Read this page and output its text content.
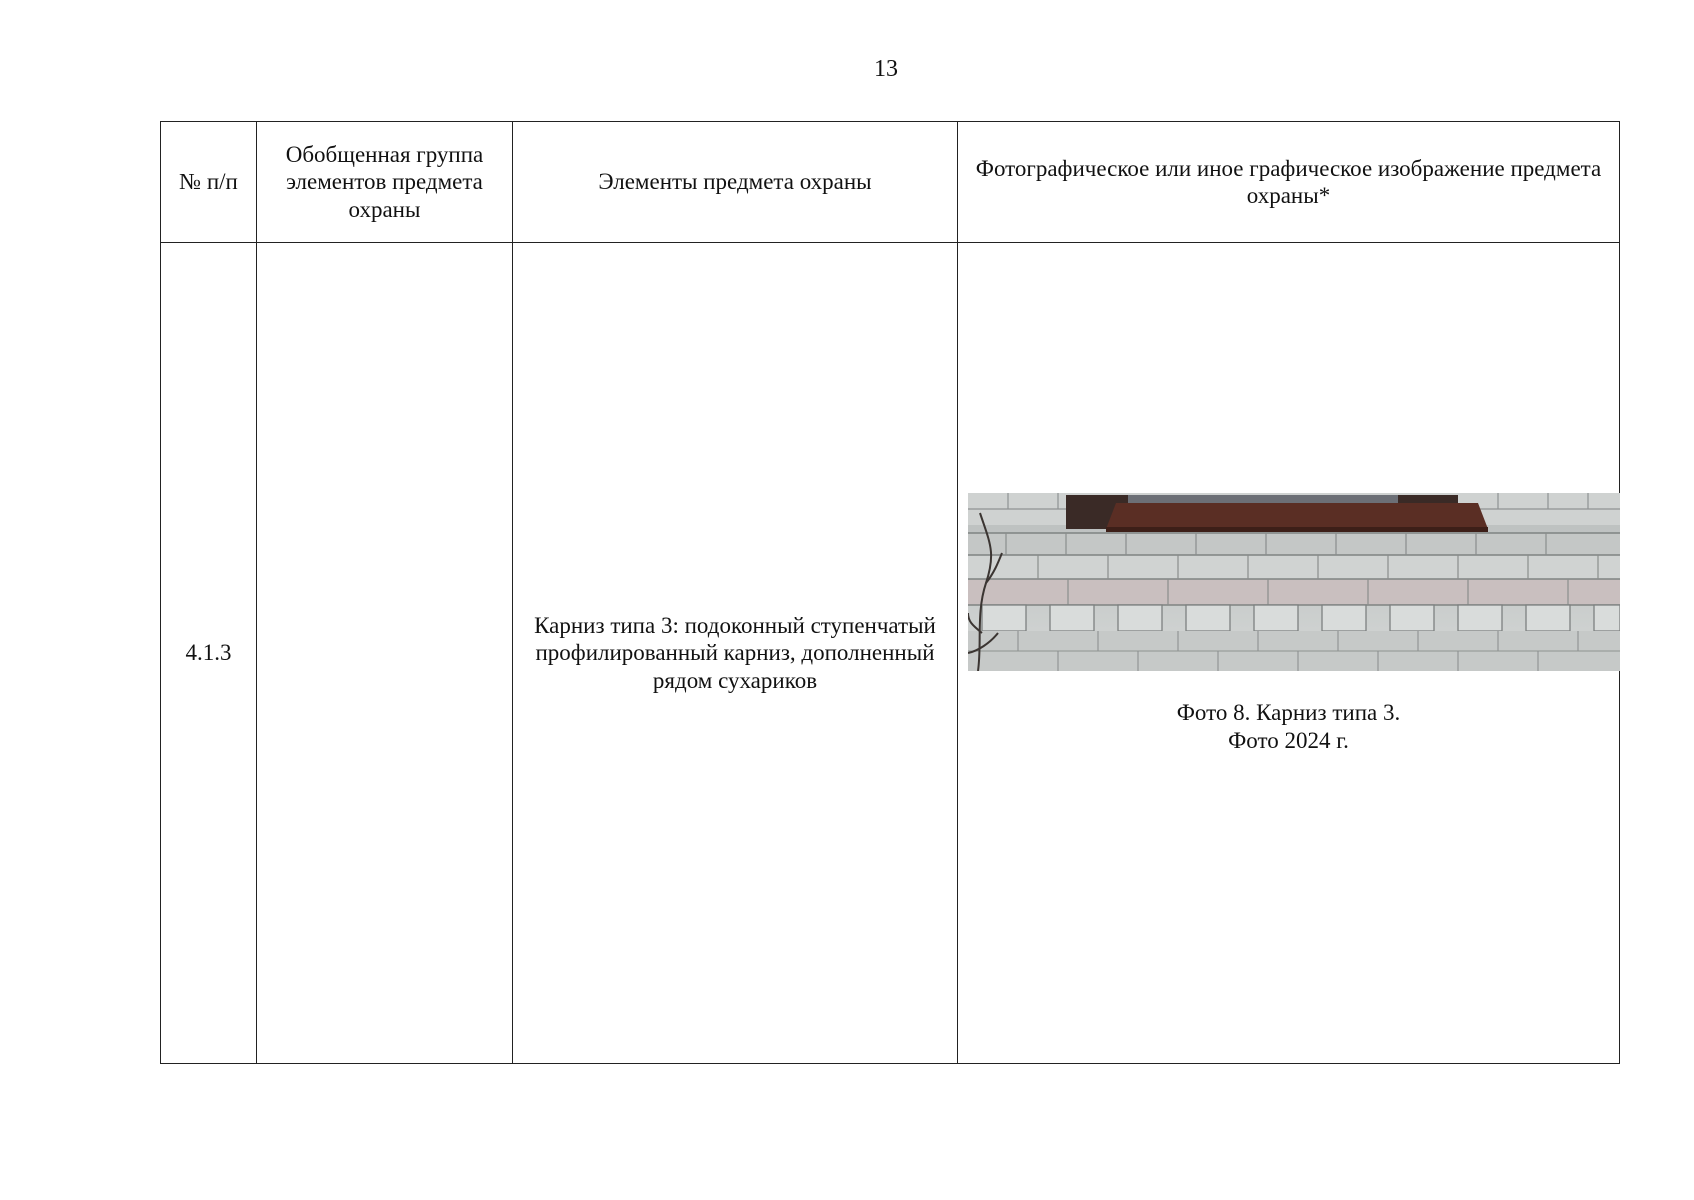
13
№ п/п	Обобщенная группа элементов предмета охраны	Элементы предмета охраны	Фотографическое или иное графическое изображение предмета охраны*
4.1.3		Карниз типа 3: подоконный ступенчатый профилированный карниз, дополненный рядом сухариков	Фото 8. Карниз типа 3.
Фото 2024 г.
